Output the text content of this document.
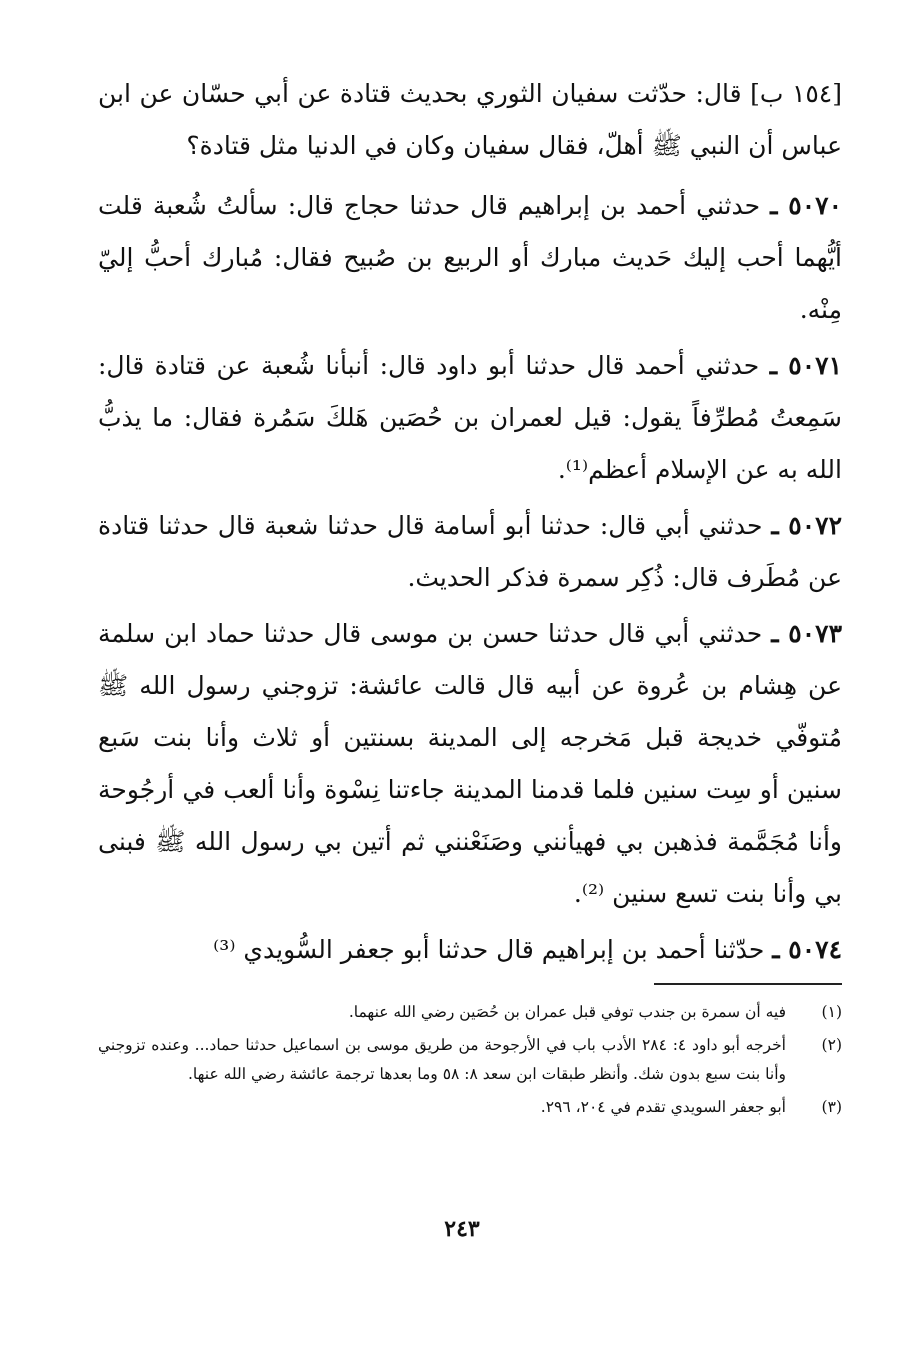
[١٥٤ ب] قال: حدّثت سفيان الثوري بحديث قتادة عن أبي حسّان عن ابن عباس أن النبي ﷺ أهلّ، فقال سفيان وكان في الدنيا مثل قتادة؟

٥٠٧٠ ـ حدثني أحمد بن إبراهيم قال حدثنا حجاج قال: سألتُ شُعبة قلت أيُّهما أحب إليك حَديث مبارك أو الربيع بن صُبيح فقال: مُبارك أحبُّ إليّ مِنْه.

٥٠٧١ ـ حدثني أحمد قال حدثنا أبو داود قال: أنبأنا شُعبة عن قتادة قال: سَمِعتُ مُطرِّفاً يقول: قيل لعمران بن حُصَين هَلكَ سَمُرة فقال: ما يذبُّ الله به عن الإسلام أعظم⁽¹⁾.

٥٠٧٢ ـ حدثني أبي قال: حدثنا أبو أسامة قال حدثنا شعبة قال حدثنا قتادة عن مُطَرف قال: ذُكِر سمرة فذكر الحديث.

٥٠٧٣ ـ حدثني أبي قال حدثنا حسن بن موسى قال حدثنا حماد ابن سلمة عن هِشام بن عُروة عن أبيه قال قالت عائشة: تزوجني رسول الله ﷺ مُتوفّي خديجة قبل مَخرجه إلى المدينة بسنتين أو ثلاث وأنا بنت سَبع سنين أو سِت سنين فلما قدمنا المدينة جاءتنا نِسْوة وأنا ألعب في أرجُوحة وأنا مُجَمَّمة فذهبن بي فهيأنني وصَنَعْنني ثم أتين بي رسول الله ﷺ فبنى بي وأنا بنت تسع سنين ⁽²⁾.

٥٠٧٤ ـ حدّثنا أحمد بن إبراهيم قال حدثنا أبو جعفر السُّويدي ⁽³⁾

(١)
فيه أن سمرة بن جندب توفي قبل عمران بن حُصَين رضي الله عنهما.
(٢)
أخرجه أبو داود ٤: ٢٨٤ الأدب باب في الأرجوحة من طريق موسى بن اسماعيل حدثنا حماد... وعنده تزوجني وأنا بنت سبع بدون شك. وأنظر طبقات ابن سعد ٨: ٥٨ وما بعدها ترجمة عائشة رضي الله عنها.
(٣)
أبو جعفر السويدي تقدم في ٢٠٤، ٢٩٦.
٢٤٣
